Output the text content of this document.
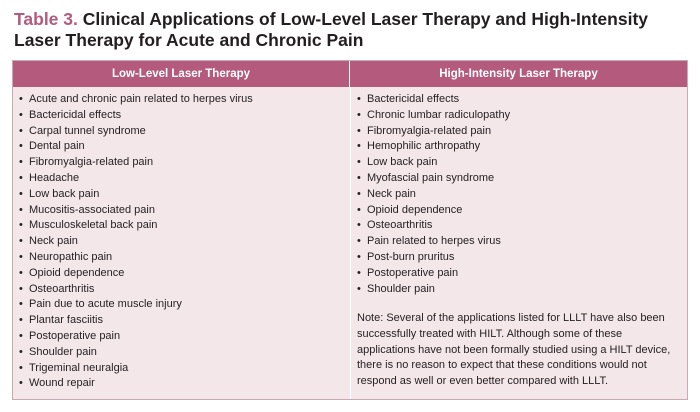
Table 3. Clinical Applications of Low-Level Laser Therapy and High-Intensity Laser Therapy for Acute and Chronic Pain
Low-Level Laser Therapy	High-Intensity Laser Therapy
• Acute and chronic pain related to herpes virus
• Bactericidal effects
• Carpal tunnel syndrome
• Dental pain
• Fibromyalgia-related pain
• Headache
• Low back pain
• Mucositis-associated pain
• Musculoskeletal back pain
• Neck pain
• Neuropathic pain
• Opioid dependence
• Osteoarthritis
• Pain due to acute muscle injury
• Plantar fasciitis
• Postoperative pain
• Shoulder pain
• Trigeminal neuralgia
• Wound repair
• Bactericidal effects
• Chronic lumbar radiculopathy
• Fibromyalgia-related pain
• Hemophilic arthropathy
• Low back pain
• Myofascial pain syndrome
• Neck pain
• Opioid dependence
• Osteoarthritis
• Pain related to herpes virus
• Post-burn pruritus
• Postoperative pain
• Shoulder pain

Note: Several of the applications listed for LLLT have also been successfully treated with HILT. Although some of these applications have not been formally studied using a HILT device, there is no reason to expect that these conditions would not respond as well or even better compared with LLLT.
